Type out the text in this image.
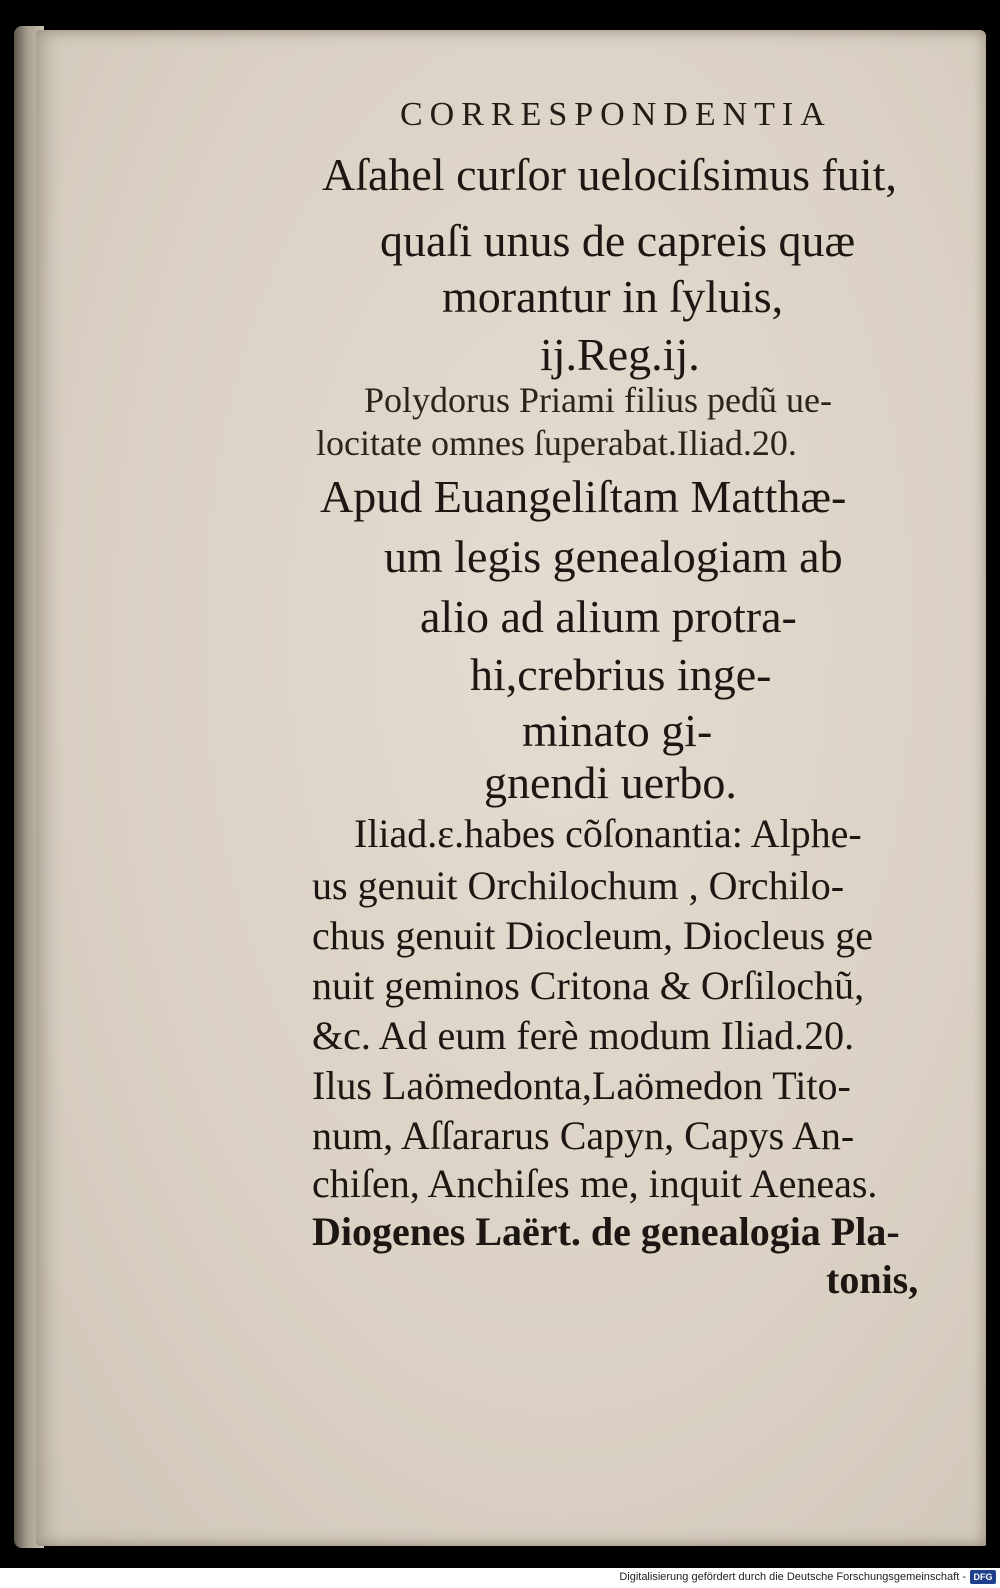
CORRESPONDENTIA
Aſahel curſor uelociſsimus fuit,
quaſi unus de capreis quæ
morantur in ſyluis,
ij.Reg.ij.
Polydorus Priami filius pedũ ue-
locitate omnes ſuperabat.Iliad.20.
Apud Euangeliſtam Matthæ-
um legis genealogiam ab
alio ad alium protra-
hi,crebrius inge-
minato gi-
gnendi uerbo.
Iliad.ε.habes cõſonantia: Alphe-
us genuit Orchilochum , Orchilo-
chus genuit Diocleum, Diocleus ge
nuit geminos Critona & Orſilochũ,
&c. Ad eum ferè modum Iliad.20.
Ilus Laömedonta,Laömedon Tito-
num, Aſſararus Capyn, Capys An-
chiſen, Anchiſes me, inquit Aeneas.
Diogenes Laërt. de genealogia Pla-
tonis,
Digitalisierung gefördert durch die Deutsche Forschungsgemeinschaft - DFG
